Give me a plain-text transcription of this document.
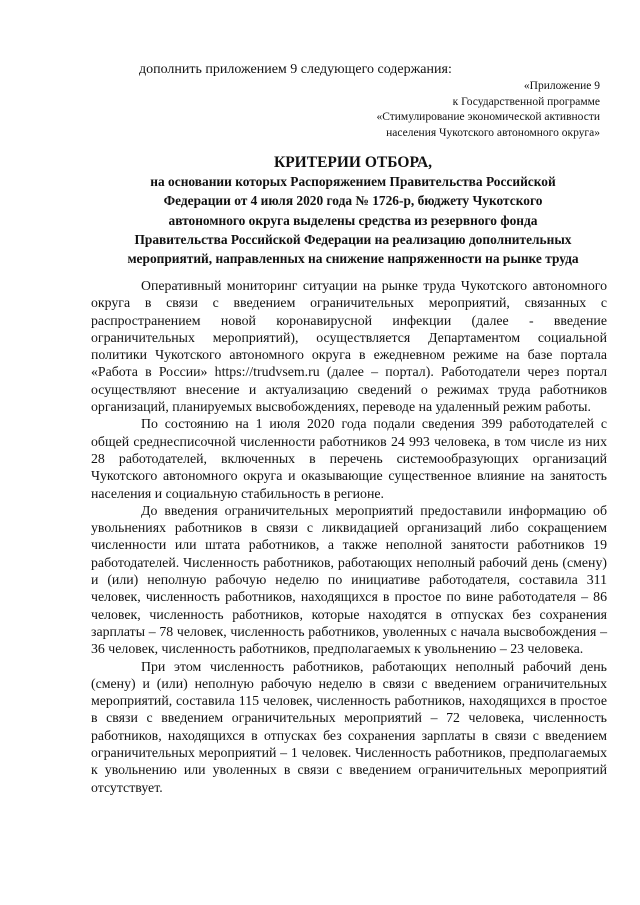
дополнить приложением 9 следующего содержания:
«Приложение 9
к Государственной программе
«Стимулирование экономической активности
населения Чукотского автономного округа»
КРИТЕРИИ ОТБОРА,
на основании которых Распоряжением Правительства Российской
Федерации от 4 июля 2020 года № 1726-р, бюджету Чукотского
автономного округа выделены средства из резервного фонда
Правительства Российской Федерации на реализацию дополнительных
мероприятий, направленных на снижение напряженности на рынке труда

Оперативный мониторинг ситуации на рынке труда Чукотского автономного округа в связи с введением ограничительных мероприятий, связанных с распространением новой коронавирусной инфекции (далее - введение ограничительных мероприятий), осуществляется Департаментом социальной политики Чукотского автономного округа в ежедневном режиме на базе портала «Работа в России» https://trudvsem.ru (далее – портал). Работодатели через портал осуществляют внесение и актуализацию сведений о режимах труда работников организаций, планируемых высвобождениях, переводе на удаленный режим работы.

По состоянию на 1 июля 2020 года подали сведения 399 работодателей с общей среднесписочной численности работников 24 993 человека, в том числе из них 28 работодателей, включенных в перечень системообразующих организаций Чукотского автономного округа и оказывающие существенное влияние на занятость населения и социальную стабильность в регионе.

До введения ограничительных мероприятий предоставили информацию об увольнениях работников в связи с ликвидацией организаций либо сокращением численности или штата работников, а также неполной занятости работников 19 работодателей. Численность работников, работающих неполный рабочий день (смену) и (или) неполную рабочую неделю по инициативе работодателя, составила 311 человек, численность работников, находящихся в простое по вине работодателя – 86 человек, численность работников, которые находятся в отпусках без сохранения зарплаты – 78 человек, численность работников, уволенных с начала высвобождения – 36 человек, численность работников, предполагаемых к увольнению – 23 человека.

При этом численность работников, работающих неполный рабочий день (смену) и (или) неполную рабочую неделю в связи с введением ограничительных мероприятий, составила 115 человек, численность работников, находящихся в простое в связи с введением ограничительных мероприятий – 72 человека, численность работников, находящихся в отпусках без сохранения зарплаты в связи с введением ограничительных мероприятий – 1 человек. Численность работников, предполагаемых к увольнению или уволенных в связи с введением ограничительных мероприятий отсутствует.
